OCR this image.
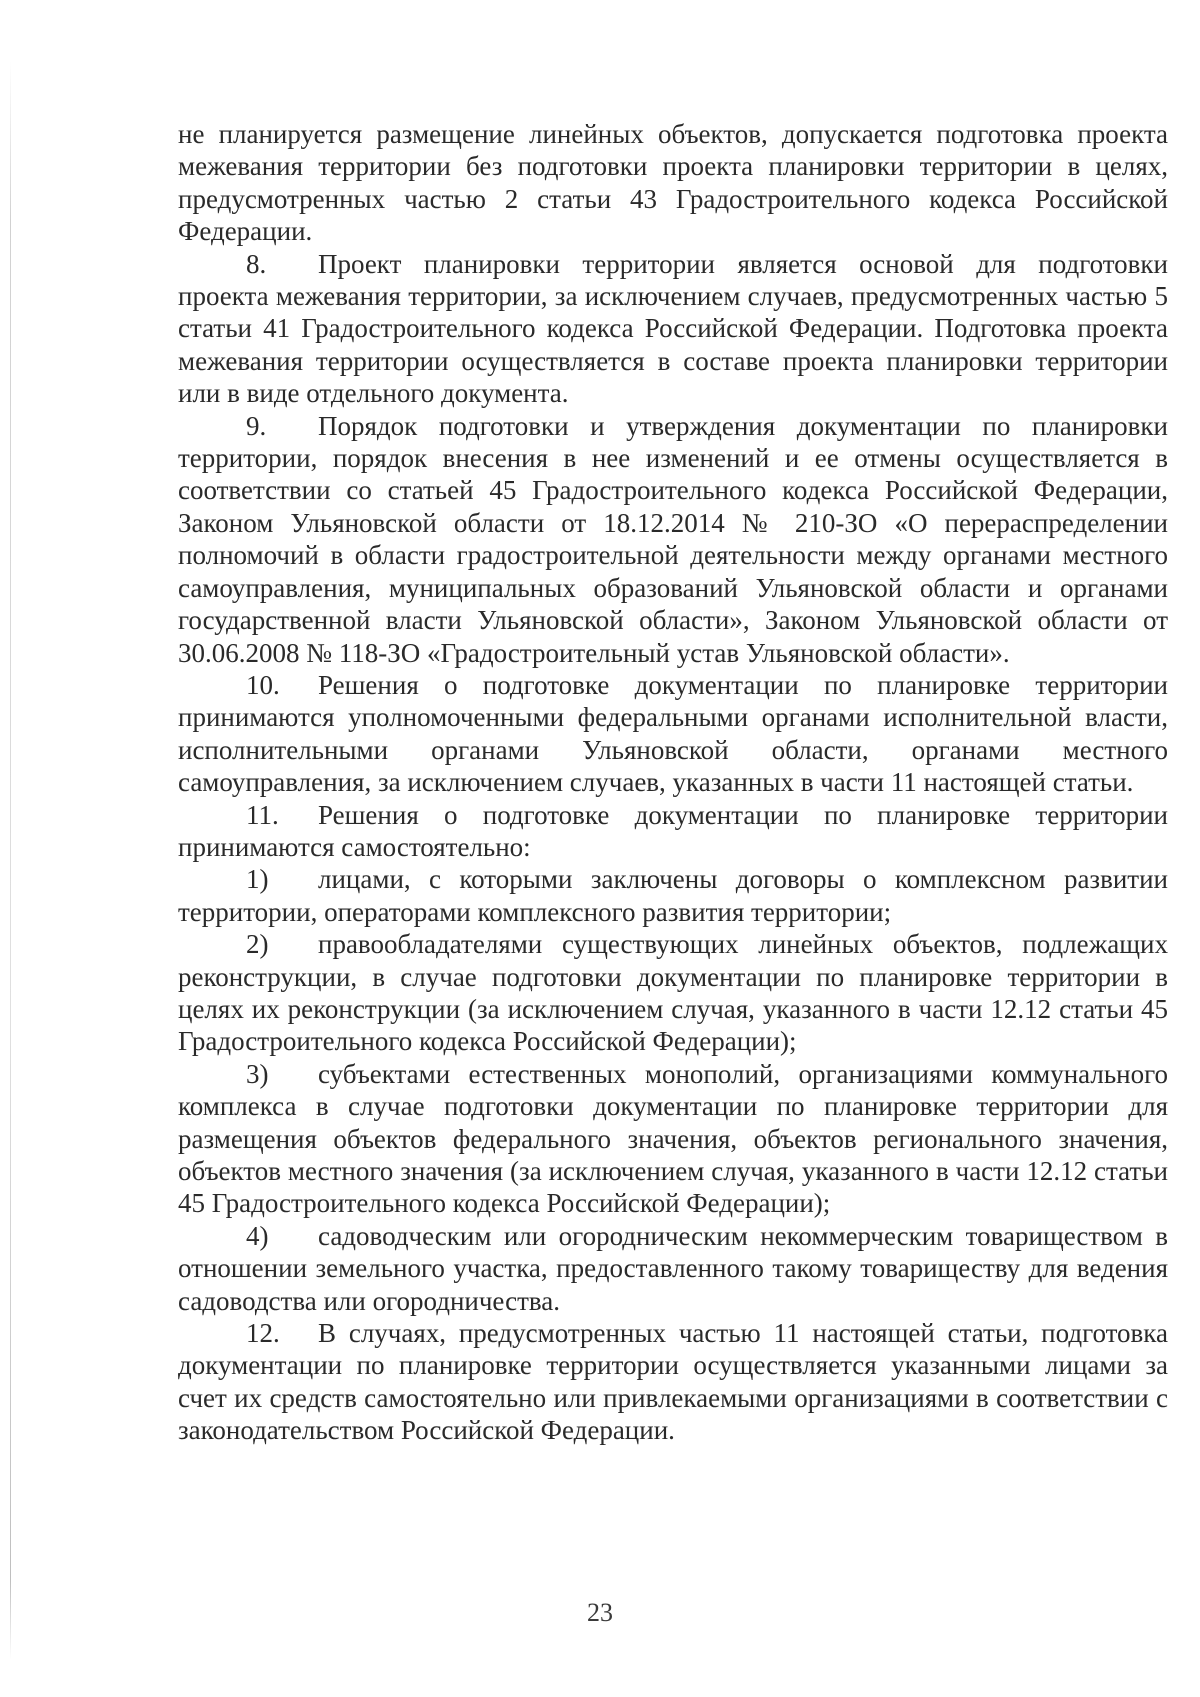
не планируется размещение линейных объектов, допускается подготовка проекта межевания территории без подготовки проекта планировки территории в целях, предусмотренных частью 2 статьи 43 Градостроительного кодекса Российской Федерации.

8. Проект планировки территории является основой для подготовки проекта межевания территории, за исключением случаев, предусмотренных частью 5 статьи 41 Градостроительного кодекса Российской Федерации. Подготовка проекта межевания территории осуществляется в составе проекта планировки территории или в виде отдельного документа.

9. Порядок подготовки и утверждения документации по планировки территории, порядок внесения в нее изменений и ее отмены осуществляется в соответствии со статьей 45 Градостроительного кодекса Российской Федерации, Законом Ульяновской области от 18.12.2014 № 210-ЗО «О перераспределении полномочий в области градостроительной деятельности между органами местного самоуправления, муниципальных образований Ульяновской области и органами государственной власти Ульяновской области», Законом Ульяновской области от 30.06.2008 № 118-ЗО «Градостроительный устав Ульяновской области».

10. Решения о подготовке документации по планировке территории принимаются уполномоченными федеральными органами исполнительной власти, исполнительными органами Ульяновской области, органами местного самоуправления, за исключением случаев, указанных в части 11 настоящей статьи.

11. Решения о подготовке документации по планировке территории принимаются самостоятельно:

1) лицами, с которыми заключены договоры о комплексном развитии территории, операторами комплексного развития территории;

2) правообладателями существующих линейных объектов, подлежащих реконструкции, в случае подготовки документации по планировке территории в целях их реконструкции (за исключением случая, указанного в части 12.12 статьи 45 Градостроительного кодекса Российской Федерации);

3) субъектами естественных монополий, организациями коммунального комплекса в случае подготовки документации по планировке территории для размещения объектов федерального значения, объектов регионального значения, объектов местного значения (за исключением случая, указанного в части 12.12 статьи 45 Градостроительного кодекса Российской Федерации);

4) садоводческим или огородническим некоммерческим товариществом в отношении земельного участка, предоставленного такому товариществу для ведения садоводства или огородничества.

12. В случаях, предусмотренных частью 11 настоящей статьи, подготовка документации по планировке территории осуществляется указанными лицами за счет их средств самостоятельно или привлекаемыми организациями в соответствии с законодательством Российской Федерации.

23
